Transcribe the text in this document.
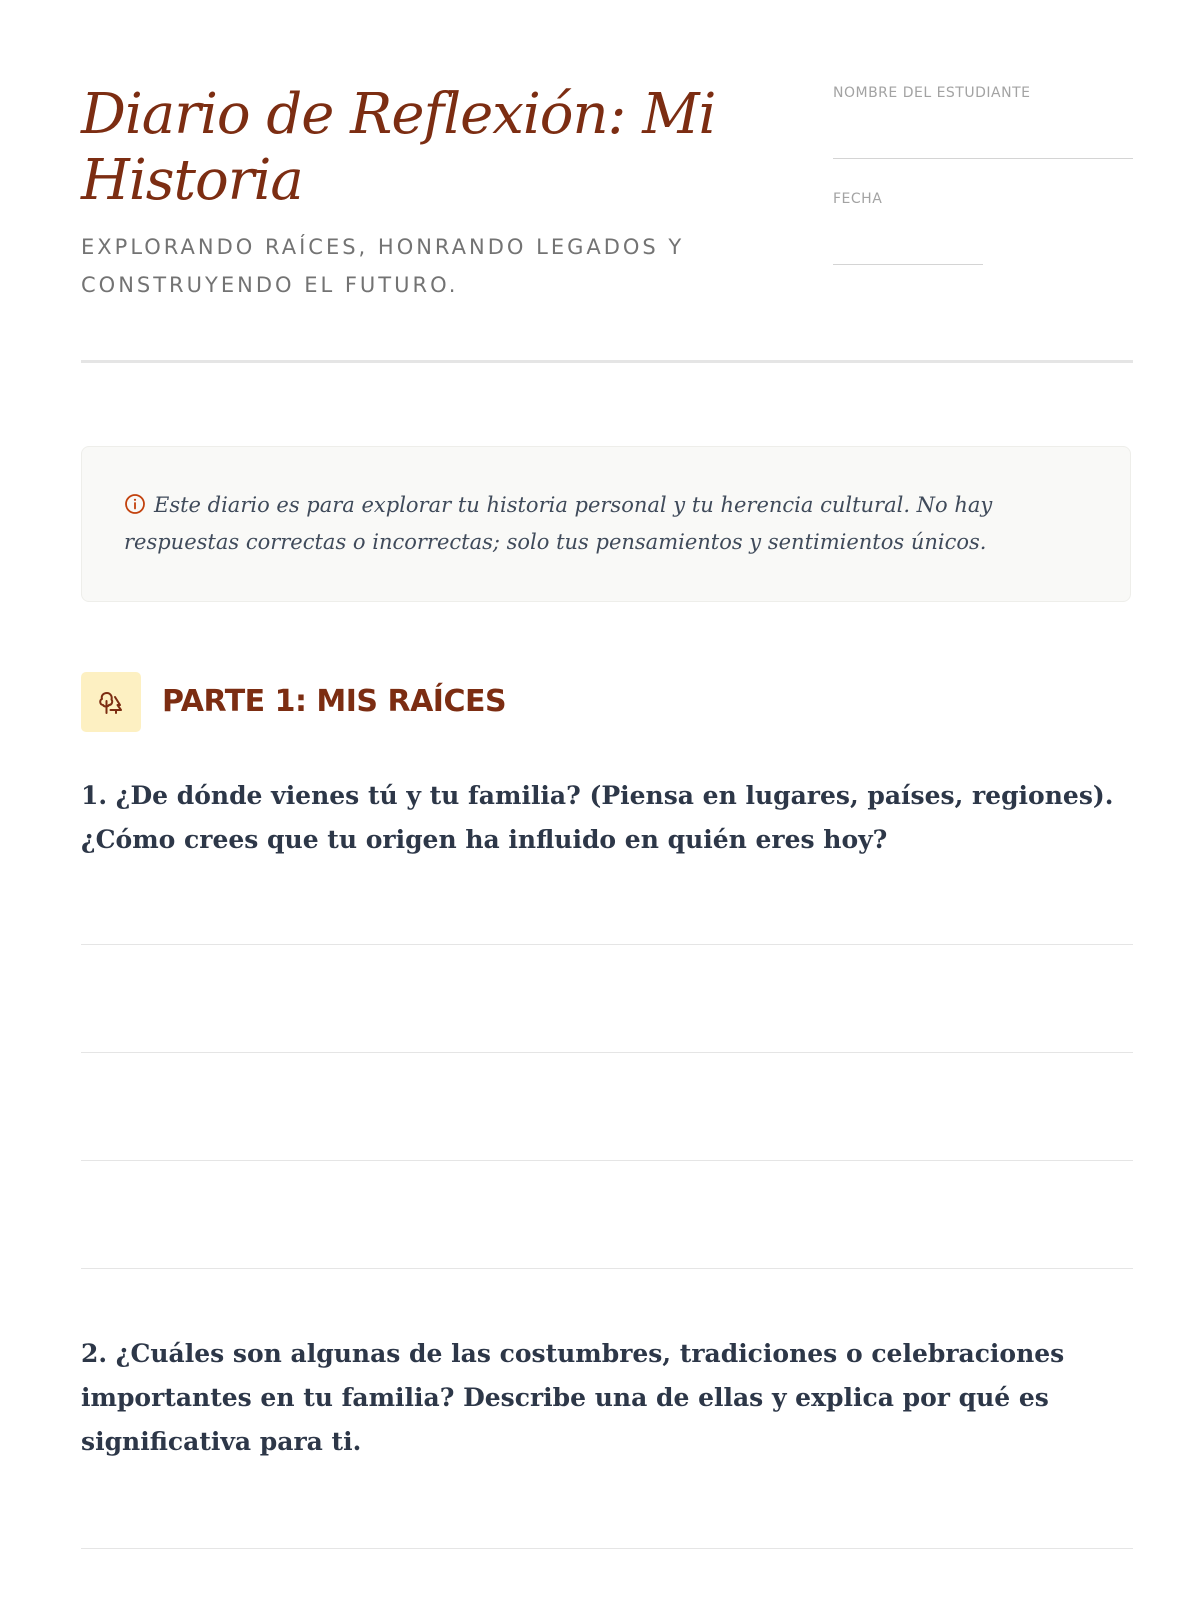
Diario de Reflexión: Mi Historia

EXPLORANDO RAÍCES, HONRANDO LEGADOS Y CONSTRUYENDO EL FUTURO.

NOMBRE DEL ESTUDIANTE
FECHA

Este diario es para explorar tu historia personal y tu herencia cultural. No hay respuestas correctas o incorrectas; solo tus pensamientos y sentimientos únicos.

PARTE 1: MIS RAÍCES

1. ¿De dónde vienes tú y tu familia? (Piensa en lugares, países, regiones). ¿Cómo crees que tu origen ha influido en quién eres hoy?

2. ¿Cuáles son algunas de las costumbres, tradiciones o celebraciones importantes en tu familia? Describe una de ellas y explica por qué es significativa para ti.
